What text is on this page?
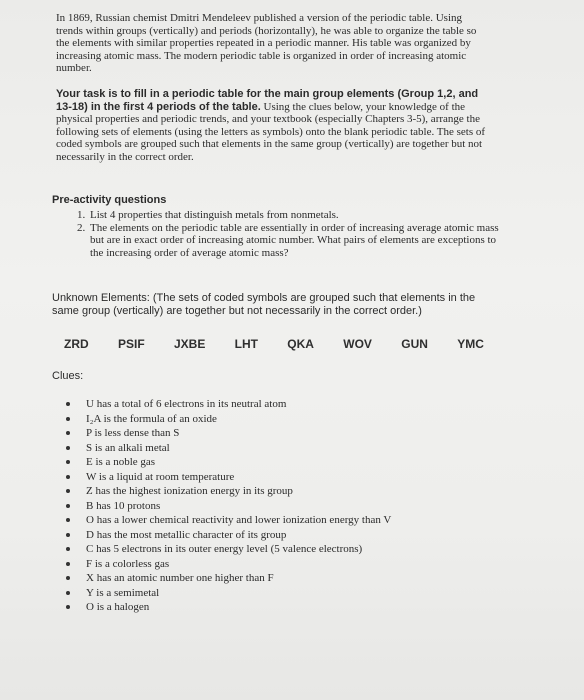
In 1869, Russian chemist Dmitri Mendeleev published a version of the periodic table. Using trends within groups (vertically) and periods (horizontally), he was able to organize the table so the elements with similar properties repeated in a periodic manner. His table was organized by increasing atomic mass. The modern periodic table is organized in order of increasing atomic number.

Your task is to fill in a periodic table for the main group elements (Group 1,2, and 13-18) in the first 4 periods of the table. Using the clues below, your knowledge of the physical properties and periodic trends, and your textbook (especially Chapters 3-5), arrange the following sets of elements (using the letters as symbols) onto the blank periodic table. The sets of coded symbols are grouped such that elements in the same group (vertically) are together but not necessarily in the correct order.

Pre-activity questions
1. List 4 properties that distinguish metals from nonmetals.
2. The elements on the periodic table are essentially in order of increasing average atomic mass but are in exact order of increasing atomic number. What pairs of elements are exceptions to the increasing order of average atomic mass?

Unknown Elements: (The sets of coded symbols are grouped such that elements in the same group (vertically) are together but not necessarily in the correct order.)

ZRD PSIF JXBE LHT QKA WOV GUN YMC
Clues:
U has a total of 6 electrons in its neutral atom
I₂A is the formula of an oxide
P is less dense than S
S is an alkali metal
E is a noble gas
W is a liquid at room temperature
Z has the highest ionization energy in its group
B has 10 protons
O has a lower chemical reactivity and lower ionization energy than V
D has the most metallic character of its group
C has 5 electrons in its outer energy level (5 valence electrons)
F is a colorless gas
X has an atomic number one higher than F
Y is a semimetal
O is a halogen
